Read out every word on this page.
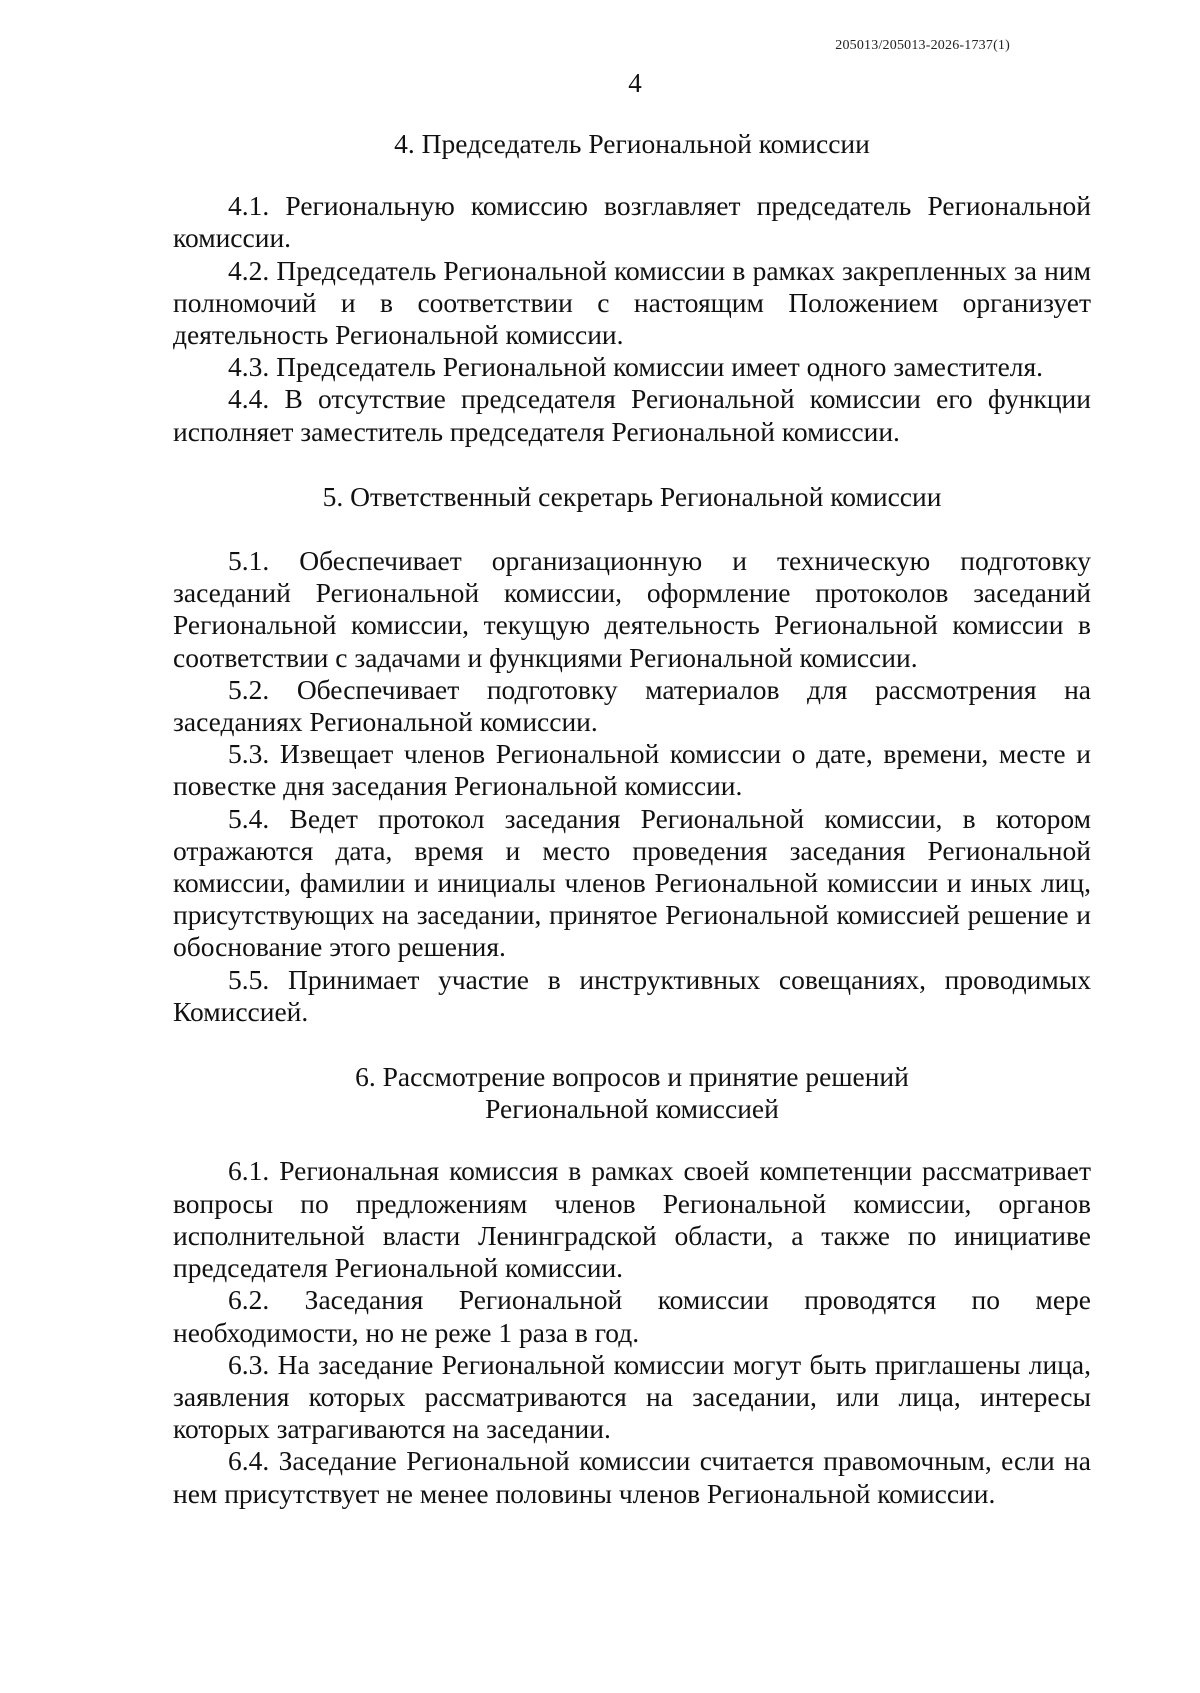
205013/205013-2026-1737(1)
4
4. Председатель Региональной комиссии

4.1. Региональную комиссию возглавляет председатель Региональной комиссии.

4.2. Председатель Региональной комиссии в рамках закрепленных за ним полномочий и в соответствии с настоящим Положением организует деятельность Региональной комиссии.

4.3. Председатель Региональной комиссии имеет одного заместителя.

4.4. В отсутствие председателя Региональной комиссии его функции исполняет заместитель председателя Региональной комиссии.

5. Ответственный секретарь Региональной комиссии

5.1. Обеспечивает организационную и техническую подготовку заседаний Региональной комиссии, оформление протоколов заседаний Региональной комиссии, текущую деятельность Региональной комиссии в соответствии с задачами и функциями Региональной комиссии.

5.2. Обеспечивает подготовку материалов для рассмотрения на заседаниях Региональной комиссии.

5.3. Извещает членов Региональной комиссии о дате, времени, месте и повестке дня заседания Региональной комиссии.

5.4. Ведет протокол заседания Региональной комиссии, в котором отражаются дата, время и место проведения заседания Региональной комиссии, фамилии и инициалы членов Региональной комиссии и иных лиц, присутствующих на заседании, принятое Региональной комиссией решение и обоснование этого решения.

5.5. Принимает участие в инструктивных совещаниях, проводимых Комиссией.

6. Рассмотрение вопросов и принятие решений
Региональной комиссией

6.1. Региональная комиссия в рамках своей компетенции рассматривает вопросы по предложениям членов Региональной комиссии, органов исполнительной власти Ленинградской области, а также по инициативе председателя Региональной комиссии.

6.2. Заседания Региональной комиссии проводятся по мере необходимости, но не реже 1 раза в год.

6.3. На заседание Региональной комиссии могут быть приглашены лица, заявления которых рассматриваются на заседании, или лица, интересы которых затрагиваются на заседании.

6.4. Заседание Региональной комиссии считается правомочным, если на нем присутствует не менее половины членов Региональной комиссии.
